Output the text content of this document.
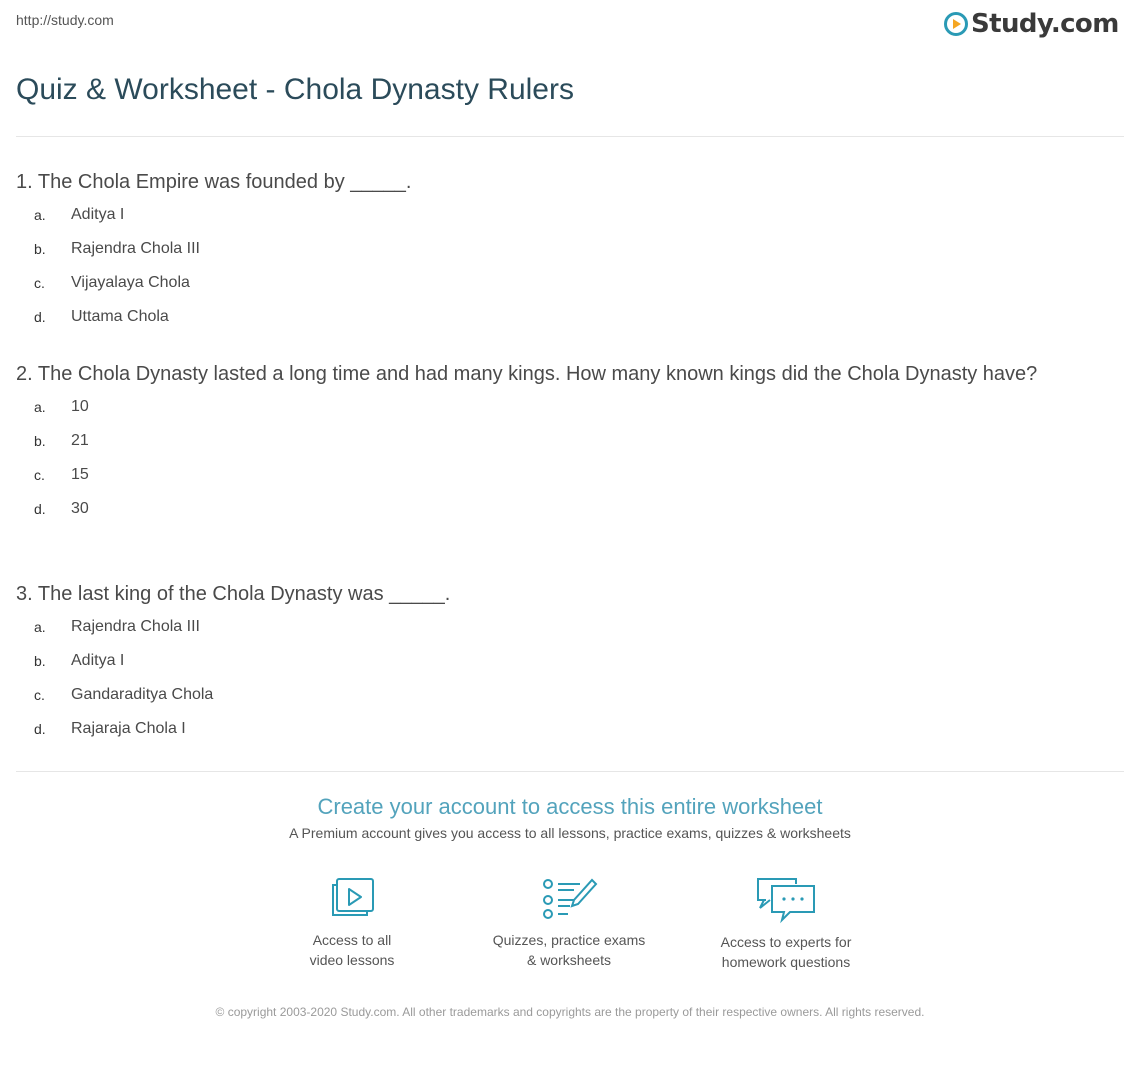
http://study.com	Study.com
Quiz & Worksheet - Chola Dynasty Rulers
1. The Chola Empire was founded by _____.
a.	Aditya I
b.	Rajendra Chola III
c.	Vijayalaya Chola
d.	Uttama Chola
2. The Chola Dynasty lasted a long time and had many kings. How many known kings did the Chola Dynasty have?
a.	10
b.	21
c.	15
d.	30
3. The last king of the Chola Dynasty was _____.
a.	Rajendra Chola III
b.	Aditya I
c.	Gandaraditya Chola
d.	Rajaraja Chola I
Create your account to access this entire worksheet
A Premium account gives you access to all lessons, practice exams, quizzes & worksheets
Access to all
video lessons
Quizzes, practice exams
& worksheets
Access to experts for
homework questions
© copyright 2003-2020 Study.com. All other trademarks and copyrights are the property of their respective owners. All rights reserved.
